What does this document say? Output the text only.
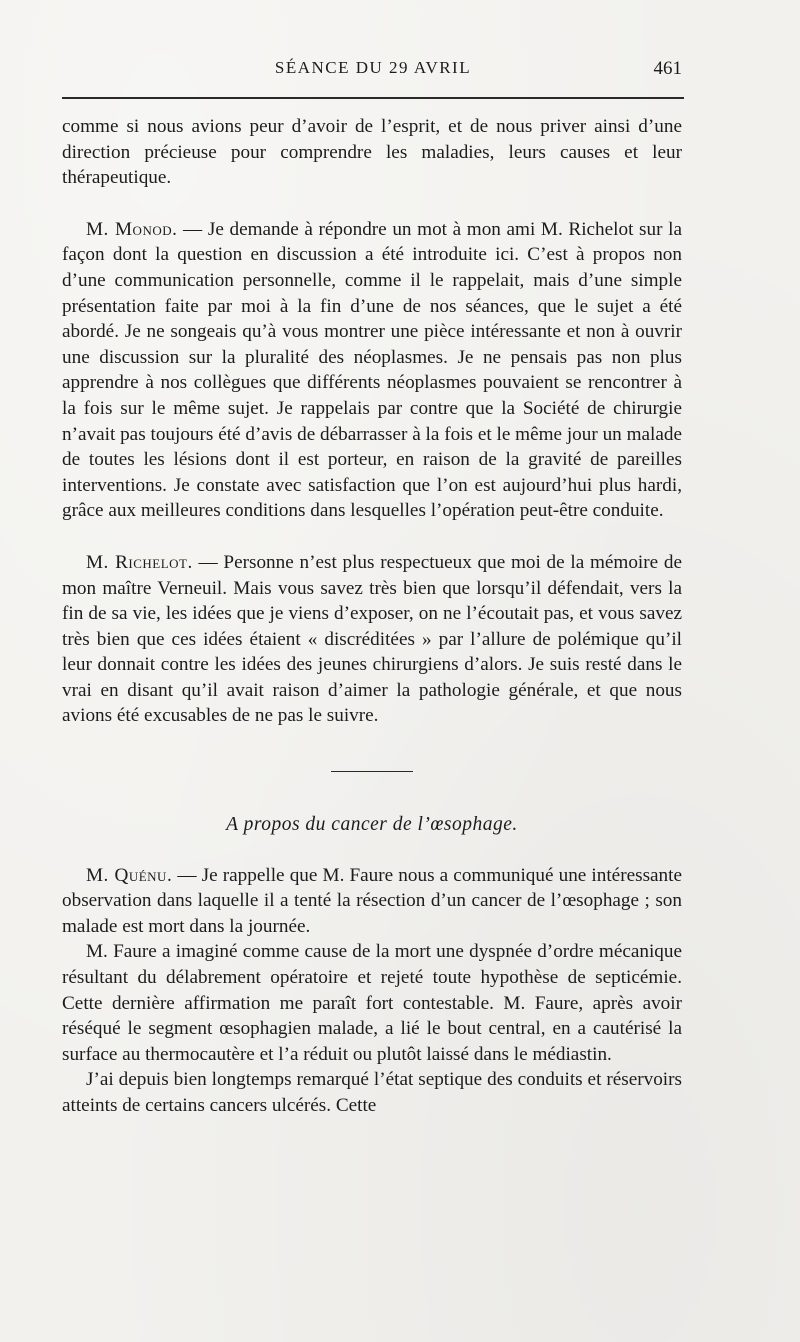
SÉANCE DU 29 AVRIL	461

comme si nous avions peur d’avoir de l’esprit, et de nous priver ainsi d’une direction précieuse pour comprendre les maladies, leurs causes et leur thérapeutique.

M. Monod. — Je demande à répondre un mot à mon ami M. Richelot sur la façon dont la question en discussion a été introduite ici. C’est à propos non d’une communication personnelle, comme il le rappelait, mais d’une simple présentation faite par moi à la fin d’une de nos séances, que le sujet a été abordé. Je ne songeais qu’à vous montrer une pièce intéressante et non à ouvrir une discussion sur la pluralité des néoplasmes. Je ne pensais pas non plus apprendre à nos collègues que différents néoplasmes pouvaient se rencontrer à la fois sur le même sujet. Je rappelais par contre que la Société de chirurgie n’avait pas toujours été d’avis de débarrasser à la fois et le même jour un malade de toutes les lésions dont il est porteur, en raison de la gravité de pareilles interventions. Je constate avec satisfaction que l’on est aujourd’hui plus hardi, grâce aux meilleures conditions dans lesquelles l’opération peut-être conduite.

M. Richelot. — Personne n’est plus respectueux que moi de la mémoire de mon maître Verneuil. Mais vous savez très bien que lorsqu’il défendait, vers la fin de sa vie, les idées que je viens d’exposer, on ne l’écoutait pas, et vous savez très bien que ces idées étaient « discréditées » par l’allure de polémique qu’il leur donnait contre les idées des jeunes chirurgiens d’alors. Je suis resté dans le vrai en disant qu’il avait raison d’aimer la pathologie générale, et que nous avions été excusables de ne pas le suivre.

A propos du cancer de l’œsophage.

M. Quénu. — Je rappelle que M. Faure nous a communiqué une intéressante observation dans laquelle il a tenté la résection d’un cancer de l’œsophage ; son malade est mort dans la journée.

M. Faure a imaginé comme cause de la mort une dyspnée d’ordre mécanique résultant du délabrement opératoire et rejeté toute hypothèse de septicémie. Cette dernière affirmation me paraît fort contestable. M. Faure, après avoir réséqué le segment œsophagien malade, a lié le bout central, en a cautérisé la surface au thermocautère et l’a réduit ou plutôt laissé dans le médiastin.

J’ai depuis bien longtemps remarqué l’état septique des conduits et réservoirs atteints de certains cancers ulcérés. Cette
